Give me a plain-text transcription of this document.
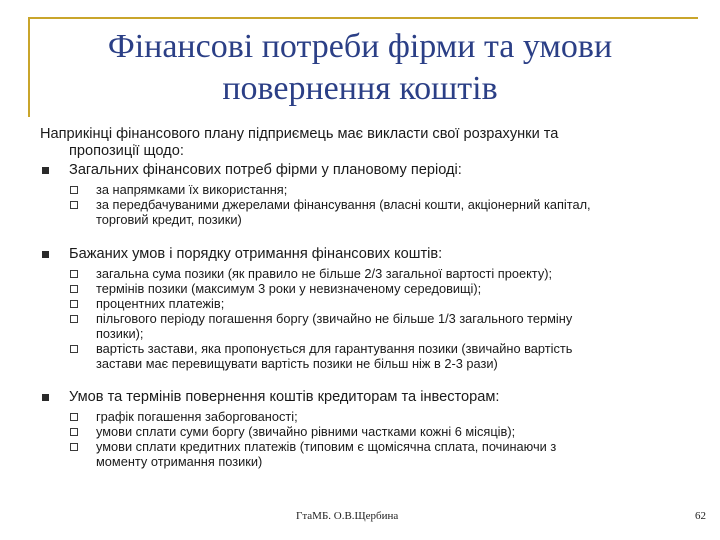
Фінансові потреби фірми та умови
повернення коштів
Наприкінці фінансового плану підприємець має викласти свої розрахунки та
пропозиції щодо:
Загальних фінансових потреб фірми у плановому періоді:
за напрямками їх використання;
за передбачуваними джерелами фінансування (власні кошти, акціонерний капітал,
торговий кредит, позики)
Бажаних умов і порядку отримання фінансових коштів:
загальна сума позики (як правило не більше 2/3 загальної вартості проекту);
термінів позики (максимум 3 роки у невизначеному середовищі);
процентних платежів;
пільгового періоду погашення боргу (звичайно не більше 1/3 загального терміну
позики);
вартість застави, яка пропонується для гарантування позики (звичайно вартість
застави має перевищувати вартість позики не більш ніж в 2-3 рази)
Умов та термінів повернення коштів кредиторам та інвесторам:
графік погашення заборгованості;
умови сплати суми боргу (звичайно рівними частками кожні 6 місяців);
умови сплати кредитних платежів (типовим є щомісячна сплата, починаючи з
моменту отримання позики)
ГтаМБ. О.В.Щербина	62
